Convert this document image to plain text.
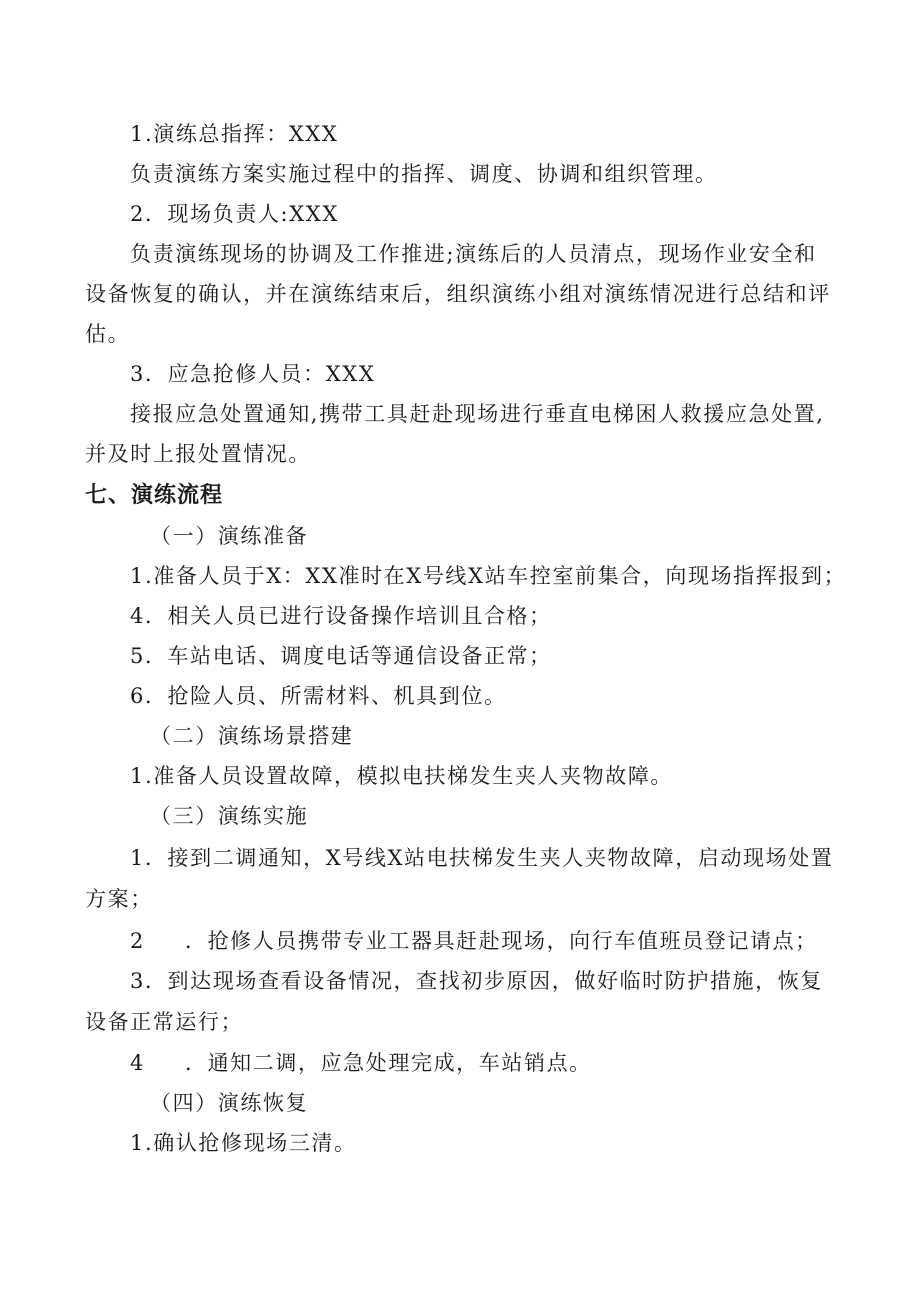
1.演练总指挥：XXX
负责演练方案实施过程中的指挥、调度、协调和组织管理。
2．现场负责人:XXX
负责演练现场的协调及工作推进;演练后的人员清点，现场作业安全和
设备恢复的确认，并在演练结束后，组织演练小组对演练情况进行总结和评
估。
3．应急抢修人员：XXX
接报应急处置通知,携带工具赶赴现场进行垂直电梯困人救援应急处置,
并及时上报处置情况。
七、演练流程
（一）演练准备
1.准备人员于X：XX准时在X号线X站车控室前集合，向现场指挥报到；
4．相关人员已进行设备操作培训且合格；
5．车站电话、调度电话等通信设备正常；
6．抢险人员、所需材料、机具到位。
（二）演练场景搭建
1.准备人员设置故障，模拟电扶梯发生夹人夹物故障。
（三）演练实施
1．接到二调通知，X号线X站电扶梯发生夹人夹物故障，启动现场处置
方案；
2 ．抢修人员携带专业工器具赶赴现场，向行车值班员登记请点；
3．到达现场查看设备情况，查找初步原因，做好临时防护措施，恢复
设备正常运行；
4 ．通知二调，应急处理完成，车站销点。
（四）演练恢复
1.确认抢修现场三清。
